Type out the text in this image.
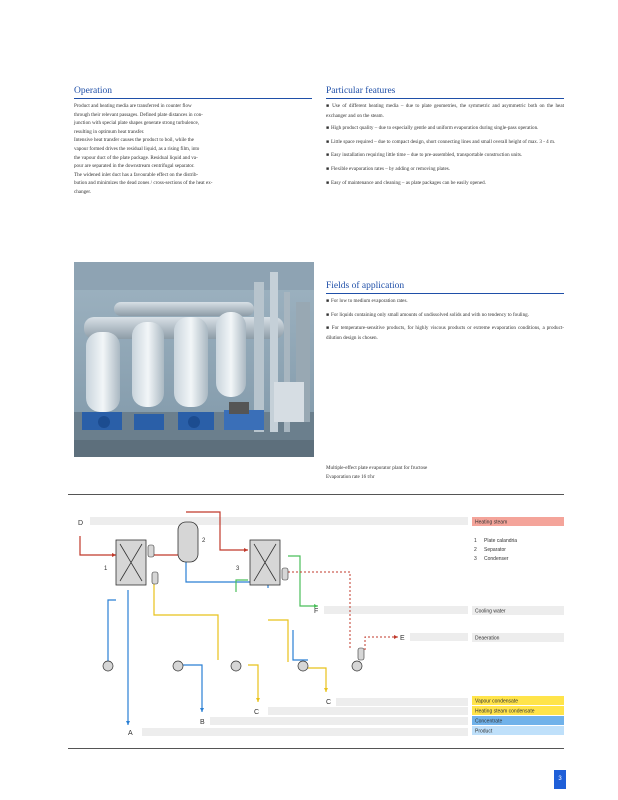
Operation

Product and heating media are transferred in counter flow

through their relevant passages. Defined plate distances in con-

junction with special plate shapes generate strong turbulence,

resulting in optimum heat transfer.

Intensive heat transfer causes the product to boil, while the

vapour formed drives the residual liquid, as a rising film, into

the vapour duct of the plate package. Residual liquid and va-

pour are separated in the downstream centrifugal separator.

The widened inlet duct has a favourable effect on the distrib-

bution and minimizes the dead zones / cross-sections of the heat ex-

changer.

Particular features
■ Use of different heating media – due to plate geometries, the symmetric and asymmetric both on the heat exchanger and on the steam.
■ High product quality – due to especially gentle and uniform evaporation during single-pass operation.
■ Little space required – due to compact design, short connecting lines and small overall height of max. 3 - 4 m.
■ Easy installation requiring little time – due to pre-assembled, transportable construction units.
■ Flexible evaporation rates – by adding or removing plates.
■ Easy of maintenance and cleaning – as plate packages can be easily opened.
Fields of application
■ For low to medium evaporation rates.
■ For liquids containing only small amounts of undissolved solids and with no tendency to fouling.
■ For temperature-sensitive products, for highly viscous products or extreme evaporation conditions, a product-dilution design is chosen.
Multiple-effect plate evaporator plant for fructose
Evaporation rate 16 t/hr
D
F
E
C
C
B
A
1
2
3
Heating steam
1 Plate calandria
2 Separator
3 Condenser
Cooling water
Deaeration
Vapour condensate
Heating steam condensate
Concentrate
Product
3
